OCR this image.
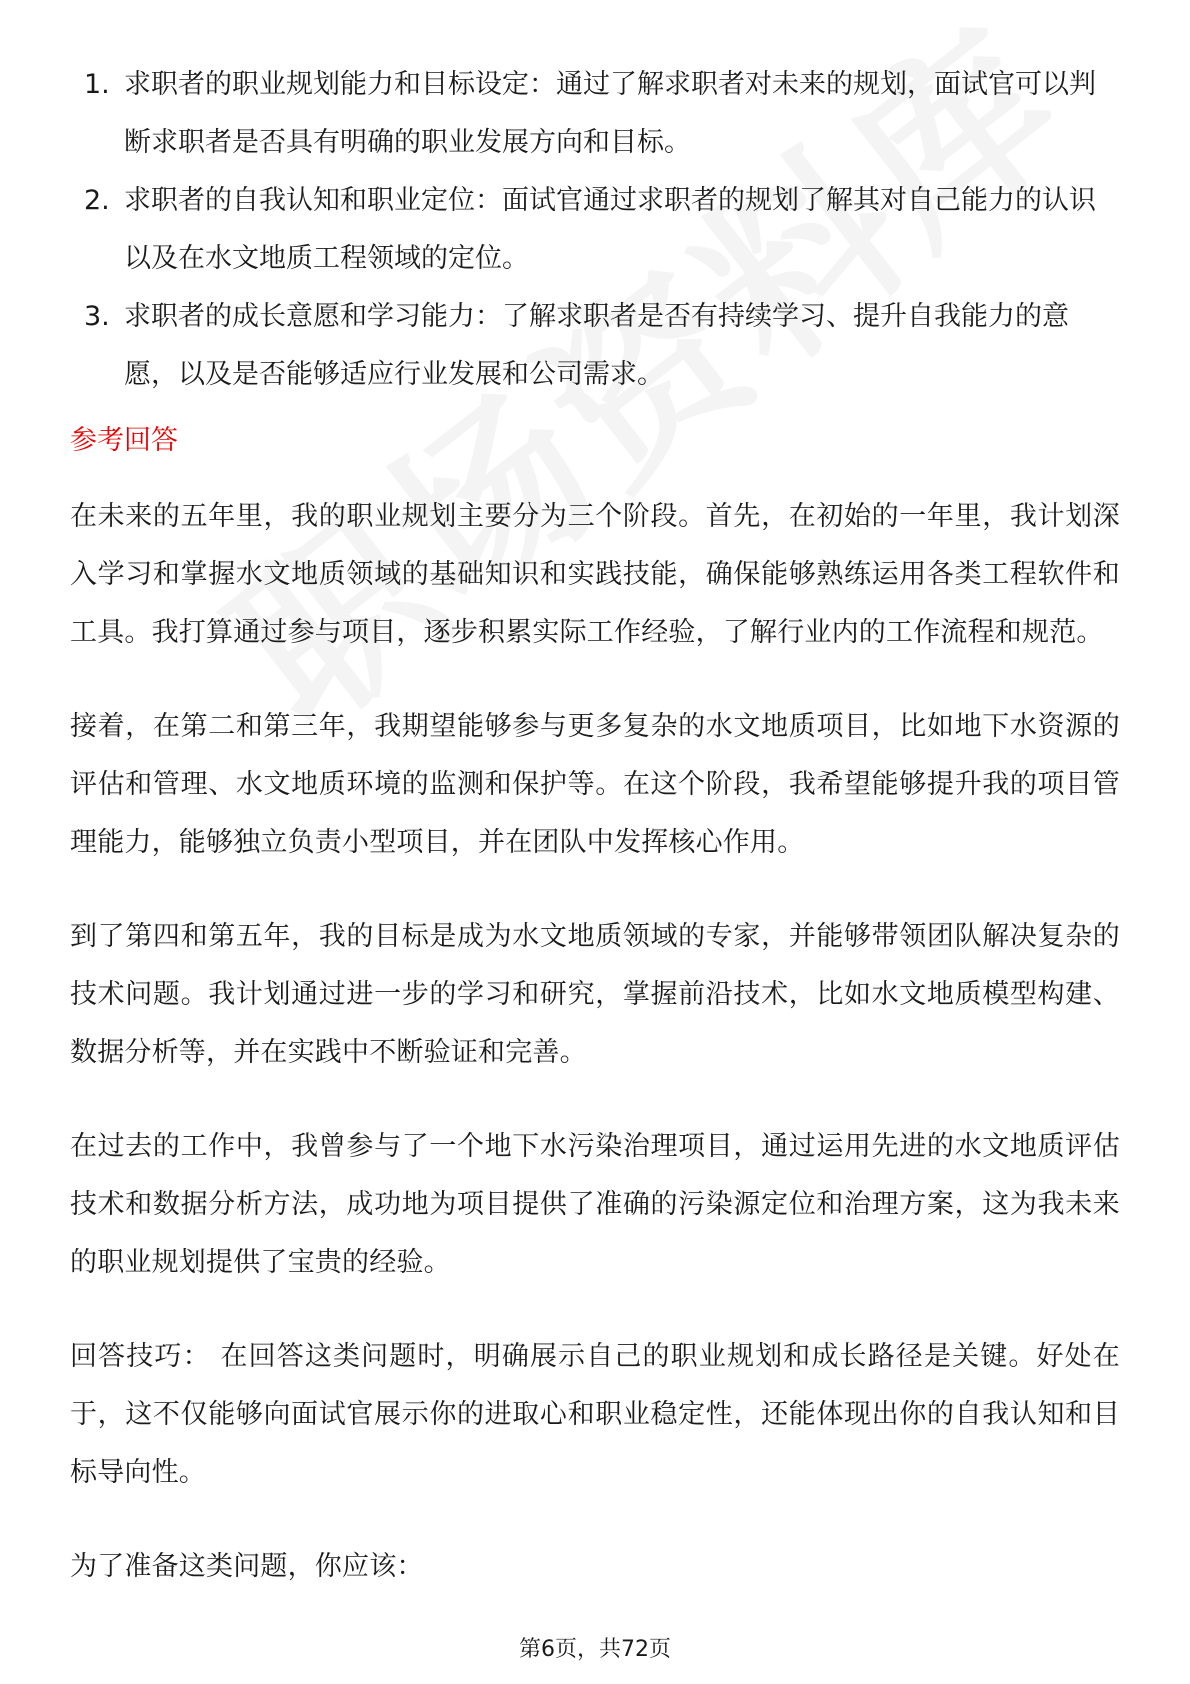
1. 求职者的职业规划能力和目标设定：通过了解求职者对未来的规划，面试官可以判断求职者是否具有明确的职业发展方向和目标。
2. 求职者的自我认知和职业定位：面试官通过求职者的规划了解其对自己能力的认识以及在水文地质工程领域的定位。
3. 求职者的成长意愿和学习能力：了解求职者是否有持续学习、提升自我能力的意愿，以及是否能够适应行业发展和公司需求。
参考回答

在未来的五年里，我的职业规划主要分为三个阶段。首先，在初始的一年里，我计划深入学习和掌握水文地质领域的基础知识和实践技能，确保能够熟练运用各类工程软件和工具。我打算通过参与项目，逐步积累实际工作经验，了解行业内的工作流程和规范。

接着，在第二和第三年，我期望能够参与更多复杂的水文地质项目，比如地下水资源的评估和管理、水文地质环境的监测和保护等。在这个阶段，我希望能够提升我的项目管理能力，能够独立负责小型项目，并在团队中发挥核心作用。

到了第四和第五年，我的目标是成为水文地质领域的专家，并能够带领团队解决复杂的技术问题。我计划通过进一步的学习和研究，掌握前沿技术，比如水文地质模型构建、数据分析等，并在实践中不断验证和完善。

在过去的工作中，我曾参与了一个地下水污染治理项目，通过运用先进的水文地质评估技术和数据分析方法，成功地为项目提供了准确的污染源定位和治理方案，这为我未来的职业规划提供了宝贵的经验。

回答技巧： 在回答这类问题时，明确展示自己的职业规划和成长路径是关键。好处在于，这不仅能够向面试官展示你的进取心和职业稳定性，还能体现出你的自我认知和目标导向性。

为了准备这类问题，你应该：

第6页，共72页
